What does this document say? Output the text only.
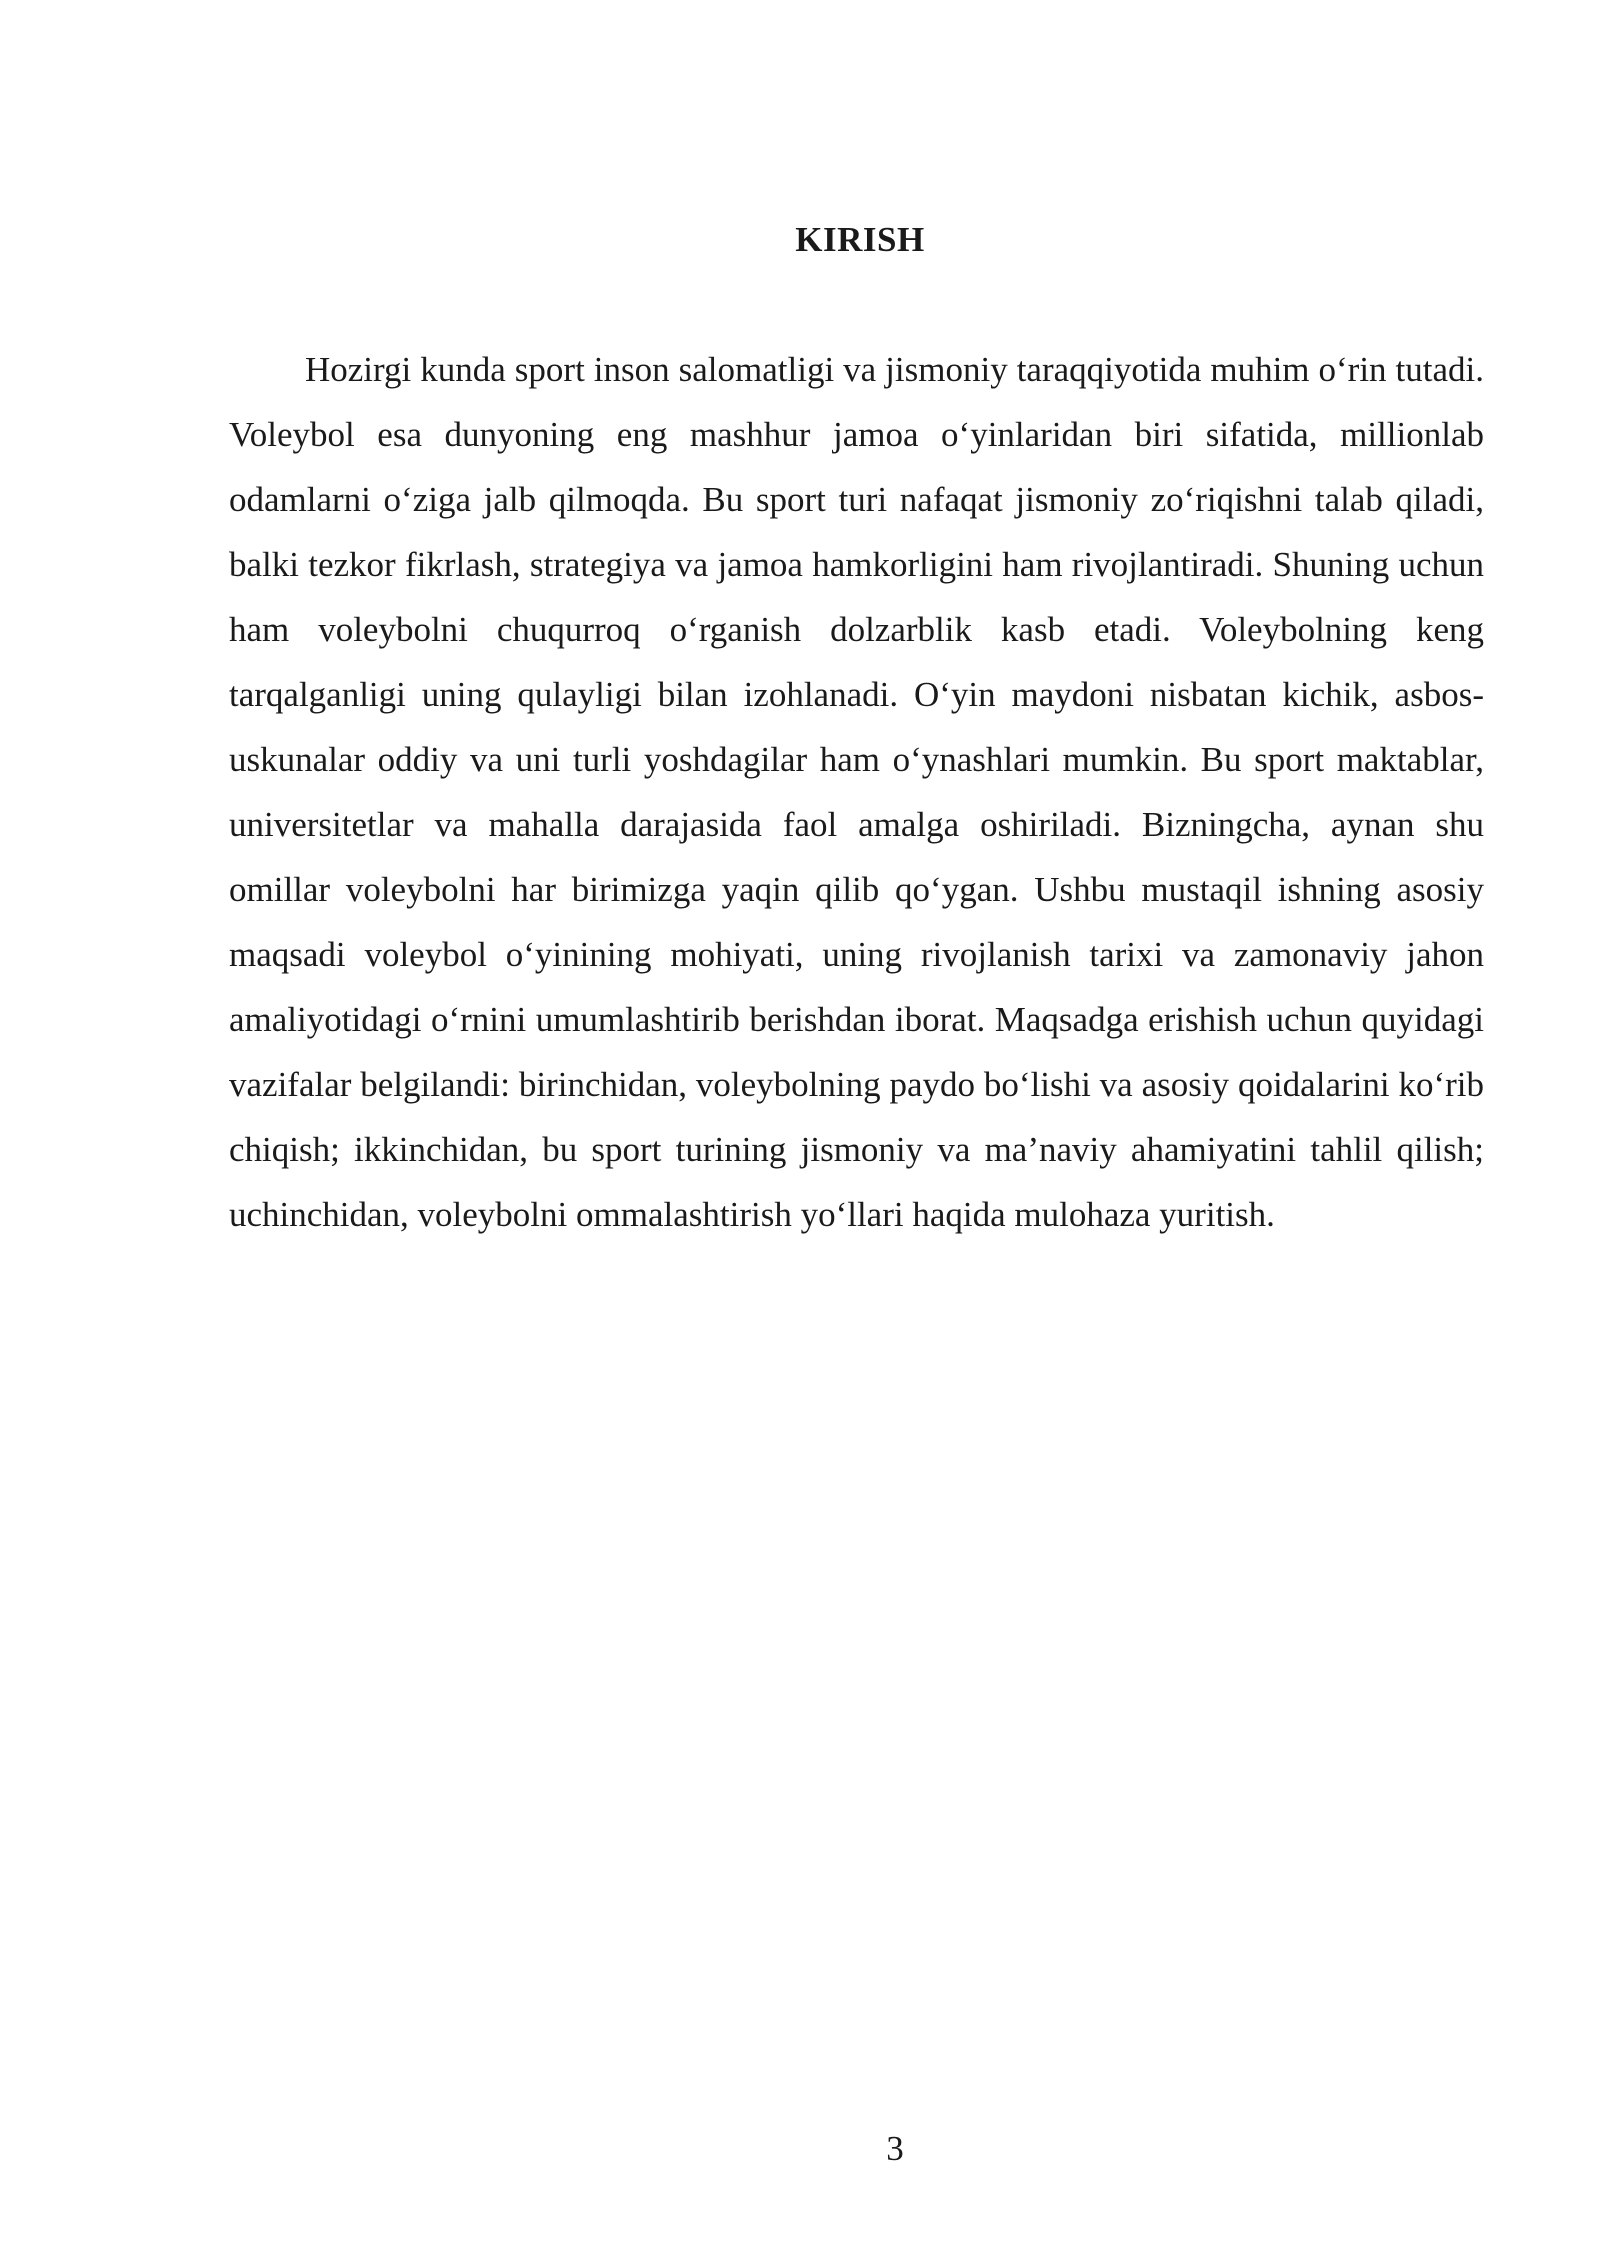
KIRISH

Hozirgi kunda sport inson salomatligi va jismoniy taraqqiyotida muhim o‘rin tutadi. Voleybol esa dunyoning eng mashhur jamoa o‘yinlaridan biri sifatida, millionlab odamlarni o‘ziga jalb qilmoqda. Bu sport turi nafaqat jismoniy zo‘riqishni talab qiladi, balki tezkor fikrlash, strategiya va jamoa hamkorligini ham rivojlantiradi. Shuning uchun ham voleybolni chuqurroq o‘rganish dolzarblik kasb etadi. Voleybolning keng tarqalganligi uning qulayligi bilan izohlanadi. O‘yin maydoni nisbatan kichik, asbos-uskunalar oddiy va uni turli yoshdagilar ham o‘ynashlari mumkin. Bu sport maktablar, universitetlar va mahalla darajasida faol amalga oshiriladi. Bizningcha, aynan shu omillar voleybolni har birimizga yaqin qilib qo‘ygan. Ushbu mustaqil ishning asosiy maqsadi voleybol o‘yinining mohiyati, uning rivojlanish tarixi va zamonaviy jahon amaliyotidagi o‘rnini umumlashtirib berishdan iborat. Maqsadga erishish uchun quyidagi vazifalar belgilandi: birinchidan, voleybolning paydo bo‘lishi va asosiy qoidalarini ko‘rib chiqish; ikkinchidan, bu sport turining jismoniy va ma’naviy ahamiyatini tahlil qilish; uchinchidan, voleybolni ommalashtirish yo‘llari haqida mulohaza yuritish.

3
